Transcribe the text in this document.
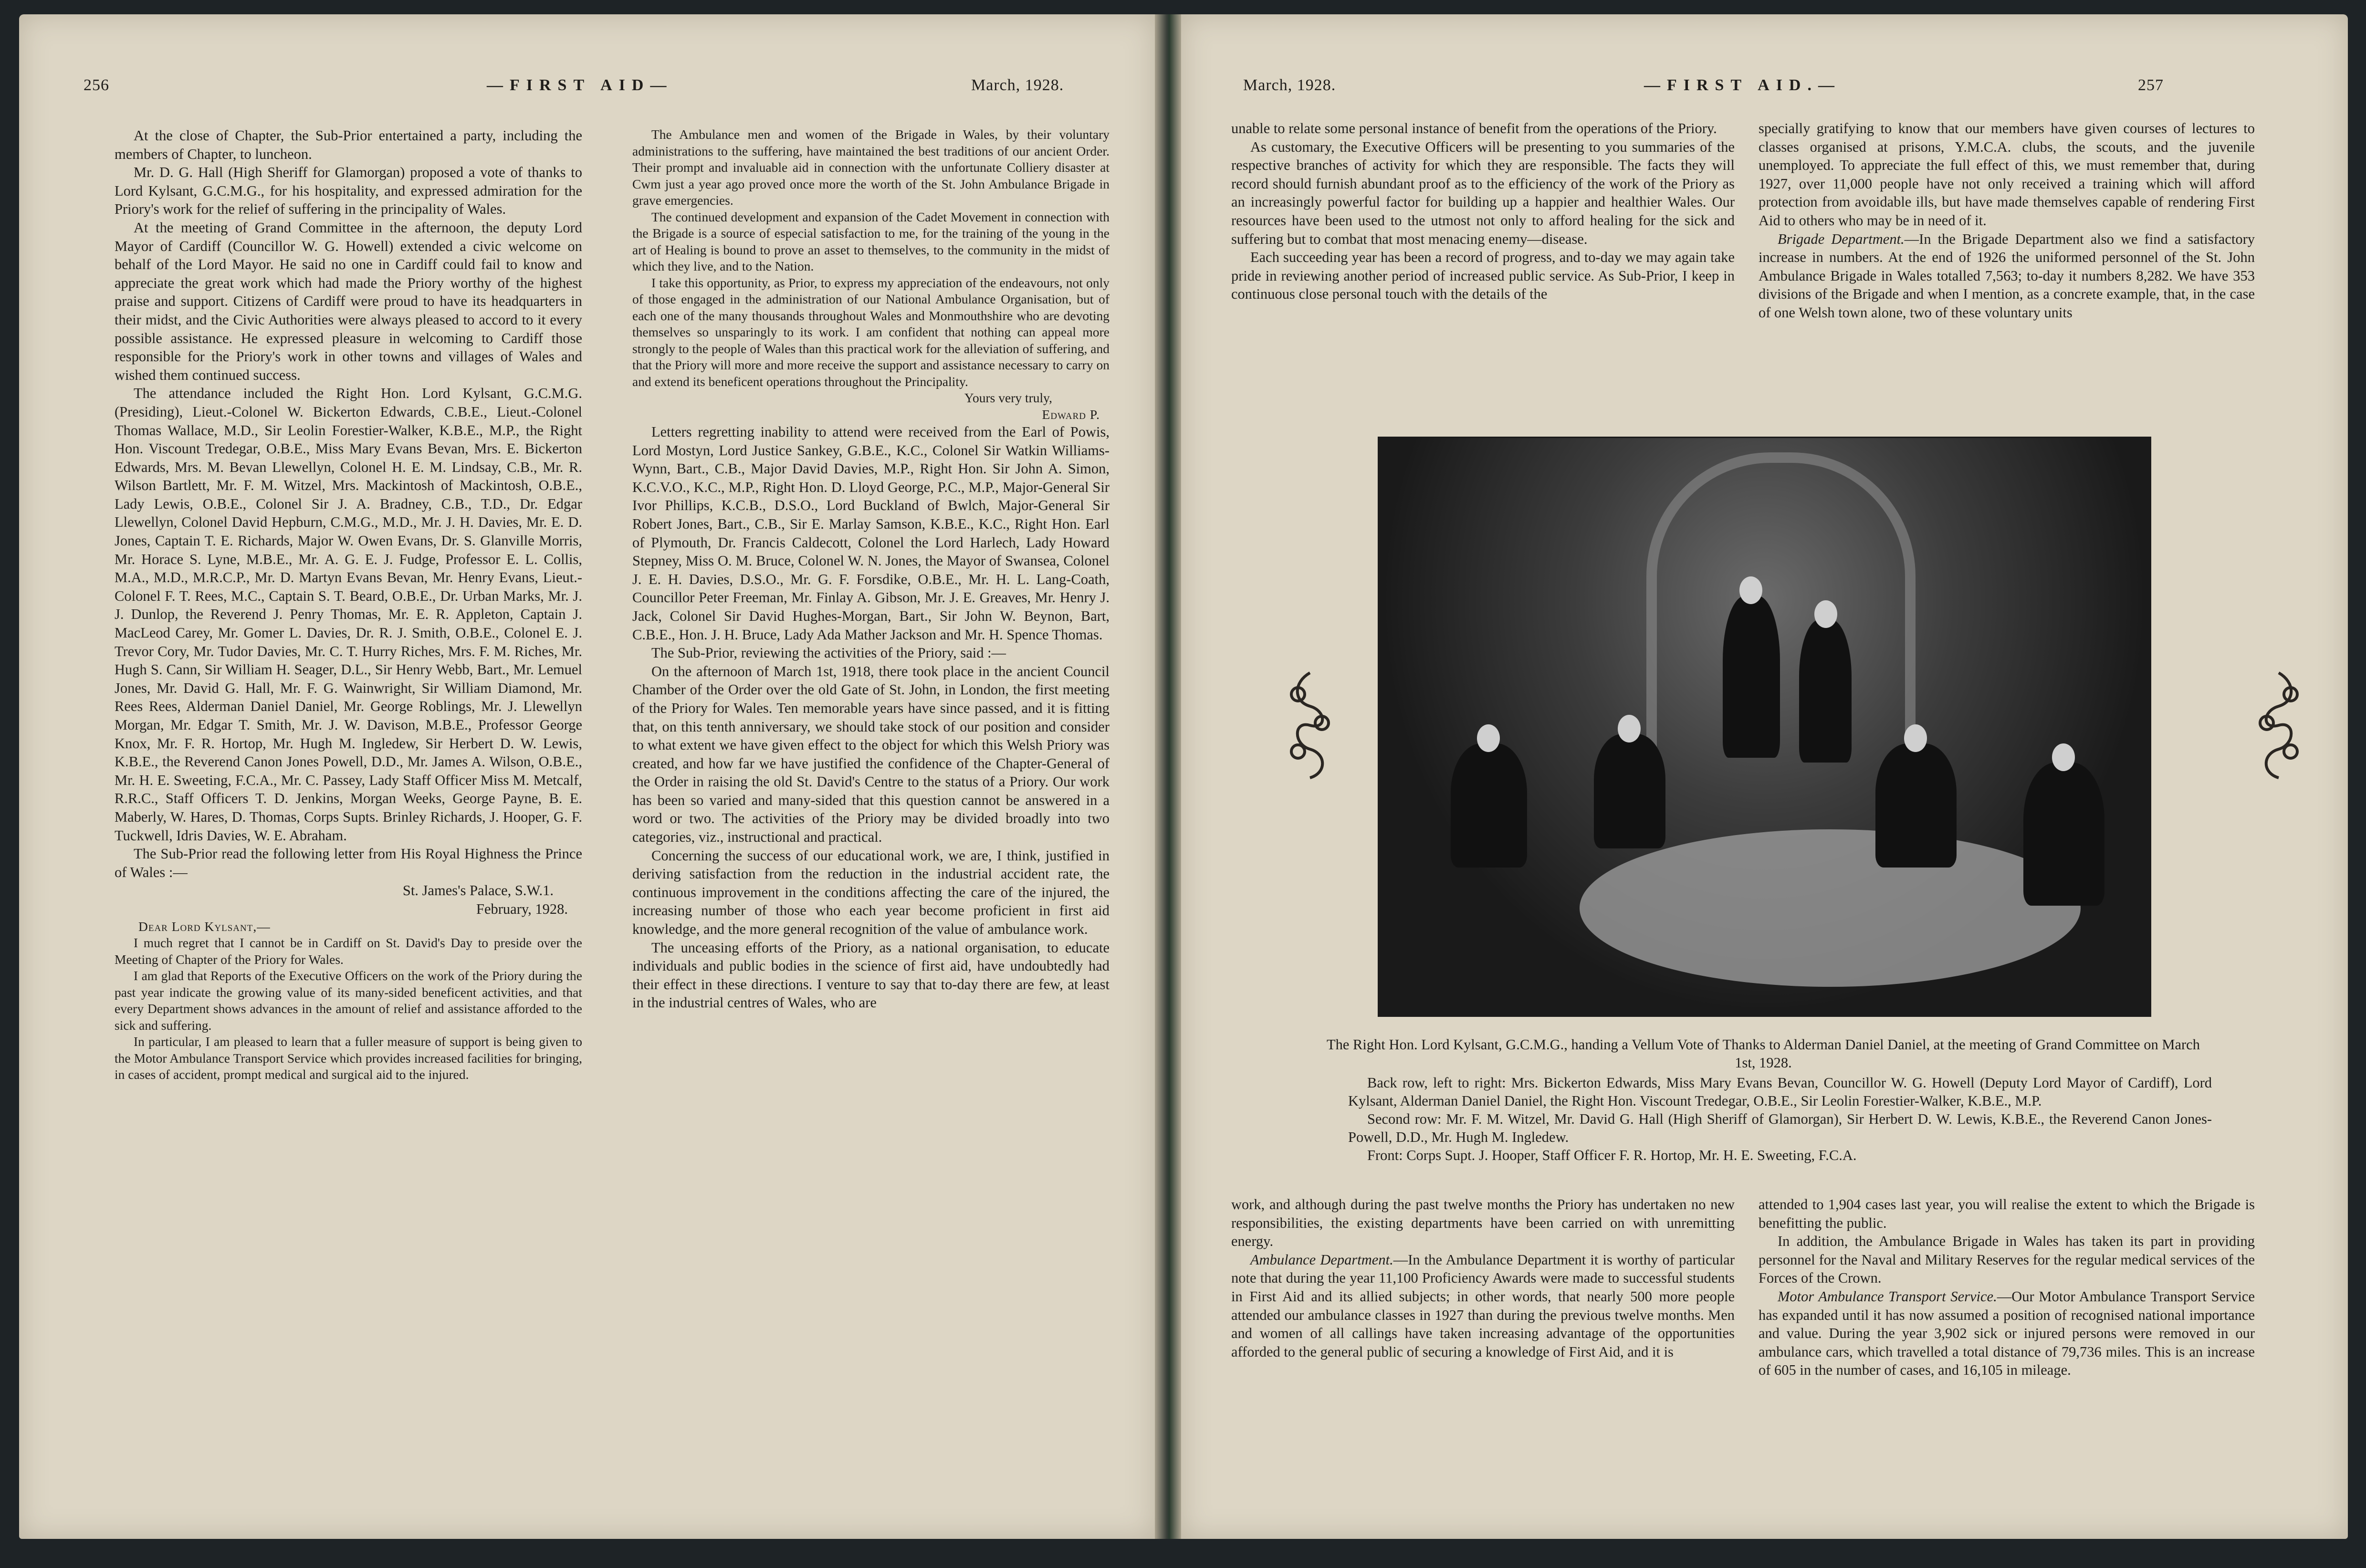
256	—FIRST AID—	March, 1928.

At the close of Chapter, the Sub-Prior entertained a party, including the members of Chapter, to luncheon.

Mr. D. G. Hall (High Sheriff for Glamorgan) proposed a vote of thanks to Lord Kylsant, G.C.M.G., for his hospitality, and expressed admiration for the Priory's work for the relief of suffering in the principality of Wales.

At the meeting of Grand Committee in the afternoon, the deputy Lord Mayor of Cardiff (Councillor W. G. Howell) extended a civic welcome on behalf of the Lord Mayor. He said no one in Cardiff could fail to know and appreciate the great work which had made the Priory worthy of the highest praise and support. Citizens of Cardiff were proud to have its headquarters in their midst, and the Civic Authorities were always pleased to accord to it every possible assistance. He expressed pleasure in welcoming to Cardiff those responsible for the Priory's work in other towns and villages of Wales and wished them continued success.

The attendance included the Right Hon. Lord Kylsant, G.C.M.G. (Presiding), Lieut.-Colonel W. Bickerton Edwards, C.B.E., Lieut.-Colonel Thomas Wallace, M.D., Sir Leolin Forestier-Walker, K.B.E., M.P., the Right Hon. Viscount Tredegar, O.B.E., Miss Mary Evans Bevan, Mrs. E. Bickerton Edwards, Mrs. M. Bevan Llewellyn, Colonel H. E. M. Lindsay, C.B., Mr. R. Wilson Bartlett, Mr. F. M. Witzel, Mrs. Mackintosh of Mackintosh, O.B.E., Lady Lewis, O.B.E., Colonel Sir J. A. Bradney, C.B., T.D., Dr. Edgar Llewellyn, Colonel David Hepburn, C.M.G., M.D., Mr. J. H. Davies, Mr. E. D. Jones, Captain T. E. Richards, Major W. Owen Evans, Dr. S. Glanville Morris, Mr. Horace S. Lyne, M.B.E., Mr. A. G. E. J. Fudge, Professor E. L. Collis, M.A., M.D., M.R.C.P., Mr. D. Martyn Evans Bevan, Mr. Henry Evans, Lieut.-Colonel F. T. Rees, M.C., Captain S. T. Beard, O.B.E., Dr. Urban Marks, Mr. J. J. Dunlop, the Reverend J. Penry Thomas, Mr. E. R. Appleton, Captain J. MacLeod Carey, Mr. Gomer L. Davies, Dr. R. J. Smith, O.B.E., Colonel E. J. Trevor Cory, Mr. Tudor Davies, Mr. C. T. Hurry Riches, Mrs. F. M. Riches, Mr. Hugh S. Cann, Sir William H. Seager, D.L., Sir Henry Webb, Bart., Mr. Lemuel Jones, Mr. David G. Hall, Mr. F. G. Wainwright, Sir William Diamond, Mr. Rees Rees, Alderman Daniel Daniel, Mr. George Roblings, Mr. J. Llewellyn Morgan, Mr. Edgar T. Smith, Mr. J. W. Davison, M.B.E., Professor George Knox, Mr. F. R. Hortop, Mr. Hugh M. Ingledew, Sir Herbert D. W. Lewis, K.B.E., the Reverend Canon Jones Powell, D.D., Mr. James A. Wilson, O.B.E., Mr. H. E. Sweeting, F.C.A., Mr. C. Passey, Lady Staff Officer Miss M. Metcalf, R.R.C., Staff Officers T. D. Jenkins, Morgan Weeks, George Payne, B. E. Maberly, W. Hares, D. Thomas, Corps Supts. Brinley Richards, J. Hooper, G. F. Tuckwell, Idris Davies, W. E. Abraham.

The Sub-Prior read the following letter from His Royal Highness the Prince of Wales :—

St. James's Palace, S.W.1.

February, 1928.

Dear Lord Kylsant,—

I much regret that I cannot be in Cardiff on St. David's Day to preside over the Meeting of Chapter of the Priory for Wales.

I am glad that Reports of the Executive Officers on the work of the Priory during the past year indicate the growing value of its many-sided beneficent activities, and that every Department shows advances in the amount of relief and assistance afforded to the sick and suffering.

In particular, I am pleased to learn that a fuller measure of support is being given to the Motor Ambulance Transport Service which provides increased facilities for bringing, in cases of accident, prompt medical and surgical aid to the injured.

The Ambulance men and women of the Brigade in Wales, by their voluntary administrations to the suffering, have maintained the best traditions of our ancient Order. Their prompt and invaluable aid in connection with the unfortunate Colliery disaster at Cwm just a year ago proved once more the worth of the St. John Ambulance Brigade in grave emergencies.

The continued development and expansion of the Cadet Movement in connection with the Brigade is a source of especial satisfaction to me, for the training of the young in the art of Healing is bound to prove an asset to themselves, to the community in the midst of which they live, and to the Nation.

I take this opportunity, as Prior, to express my appreciation of the endeavours, not only of those engaged in the administration of our National Ambulance Organisation, but of each one of the many thousands throughout Wales and Monmouthshire who are devoting themselves so unsparingly to its work. I am confident that nothing can appeal more strongly to the people of Wales than this practical work for the alleviation of suffering, and that the Priory will more and more receive the support and assistance necessary to carry on and extend its beneficent operations throughout the Principality.

Yours very truly,

Edward P.

Letters regretting inability to attend were received from the Earl of Powis, Lord Mostyn, Lord Justice Sankey, G.B.E., K.C., Colonel Sir Watkin Williams-Wynn, Bart., C.B., Major David Davies, M.P., Right Hon. Sir John A. Simon, K.C.V.O., K.C., M.P., Right Hon. D. Lloyd George, P.C., M.P., Major-General Sir Ivor Phillips, K.C.B., D.S.O., Lord Buckland of Bwlch, Major-General Sir Robert Jones, Bart., C.B., Sir E. Marlay Samson, K.B.E., K.C., Right Hon. Earl of Plymouth, Dr. Francis Caldecott, Colonel the Lord Harlech, Lady Howard Stepney, Miss O. M. Bruce, Colonel W. N. Jones, the Mayor of Swansea, Colonel J. E. H. Davies, D.S.O., Mr. G. F. Forsdike, O.B.E., Mr. H. L. Lang-Coath, Councillor Peter Freeman, Mr. Finlay A. Gibson, Mr. J. E. Greaves, Mr. Henry J. Jack, Colonel Sir David Hughes-Morgan, Bart., Sir John W. Beynon, Bart, C.B.E., Hon. J. H. Bruce, Lady Ada Mather Jackson and Mr. H. Spence Thomas.

The Sub-Prior, reviewing the activities of the Priory, said :—

On the afternoon of March 1st, 1918, there took place in the ancient Council Chamber of the Order over the old Gate of St. John, in London, the first meeting of the Priory for Wales. Ten memorable years have since passed, and it is fitting that, on this tenth anniversary, we should take stock of our position and consider to what extent we have given effect to the object for which this Welsh Priory was created, and how far we have justified the confidence of the Chapter-General of the Order in raising the old St. David's Centre to the status of a Priory. Our work has been so varied and many-sided that this question cannot be answered in a word or two. The activities of the Priory may be divided broadly into two categories, viz., instructional and practical.

Concerning the success of our educational work, we are, I think, justified in deriving satisfaction from the reduction in the industrial accident rate, the continuous improvement in the conditions affecting the care of the injured, the increasing number of those who each year become proficient in first aid knowledge, and the more general recognition of the value of ambulance work.

The unceasing efforts of the Priory, as a national organisation, to educate individuals and public bodies in the science of first aid, have undoubtedly had their effect in these directions. I venture to say that to-day there are few, at least in the industrial centres of Wales, who are

March, 1928.	—FIRST AID.—	257

unable to relate some personal instance of benefit from the operations of the Priory.

As customary, the Executive Officers will be presenting to you summaries of the respective branches of activity for which they are responsible. The facts they will record should furnish abundant proof as to the efficiency of the work of the Priory as an increasingly powerful factor for building up a happier and healthier Wales. Our resources have been used to the utmost not only to afford healing for the sick and suffering but to combat that most menacing enemy—disease.

Each succeeding year has been a record of progress, and to-day we may again take pride in reviewing another period of increased public service. As Sub-Prior, I keep in continuous close personal touch with the details of the

specially gratifying to know that our members have given courses of lectures to classes organised at prisons, Y.M.C.A. clubs, the scouts, and the juvenile unemployed. To appreciate the full effect of this, we must remember that, during 1927, over 11,000 people have not only received a training which will afford protection from avoidable ills, but have made themselves capable of rendering First Aid to others who may be in need of it.

Brigade Department.—In the Brigade Department also we find a satisfactory increase in numbers. At the end of 1926 the uniformed personnel of the St. John Ambulance Brigade in Wales totalled 7,563; to-day it numbers 8,282. We have 353 divisions of the Brigade and when I mention, as a concrete example, that, in the case of one Welsh town alone, two of these voluntary units

The Right Hon. Lord Kylsant, G.C.M.G., handing a Vellum Vote of Thanks to Alderman Daniel Daniel, at the meeting of Grand Committee on March 1st, 1928.

Back row, left to right: Mrs. Bickerton Edwards, Miss Mary Evans Bevan, Councillor W. G. Howell (Deputy Lord Mayor of Cardiff), Lord Kylsant, Alderman Daniel Daniel, the Right Hon. Viscount Tredegar, O.B.E., Sir Leolin Forestier-Walker, K.B.E., M.P.

Second row: Mr. F. M. Witzel, Mr. David G. Hall (High Sheriff of Glamorgan), Sir Herbert D. W. Lewis, K.B.E., the Reverend Canon Jones-Powell, D.D., Mr. Hugh M. Ingledew.

Front: Corps Supt. J. Hooper, Staff Officer F. R. Hortop, Mr. H. E. Sweeting, F.C.A.

work, and although during the past twelve months the Priory has undertaken no new responsibilities, the existing departments have been carried on with unremitting energy.

Ambulance Department.—In the Ambulance Department it is worthy of particular note that during the year 11,100 Proficiency Awards were made to successful students in First Aid and its allied subjects; in other words, that nearly 500 more people attended our ambulance classes in 1927 than during the previous twelve months. Men and women of all callings have taken increasing advantage of the opportunities afforded to the general public of securing a knowledge of First Aid, and it is

attended to 1,904 cases last year, you will realise the extent to which the Brigade is benefitting the public.

In addition, the Ambulance Brigade in Wales has taken its part in providing personnel for the Naval and Military Reserves for the regular medical services of the Forces of the Crown.

Motor Ambulance Transport Service.—Our Motor Ambulance Transport Service has expanded until it has now assumed a position of recognised national importance and value. During the year 3,902 sick or injured persons were removed in our ambulance cars, which travelled a total distance of 79,736 miles. This is an increase of 605 in the number of cases, and 16,105 in mileage.
